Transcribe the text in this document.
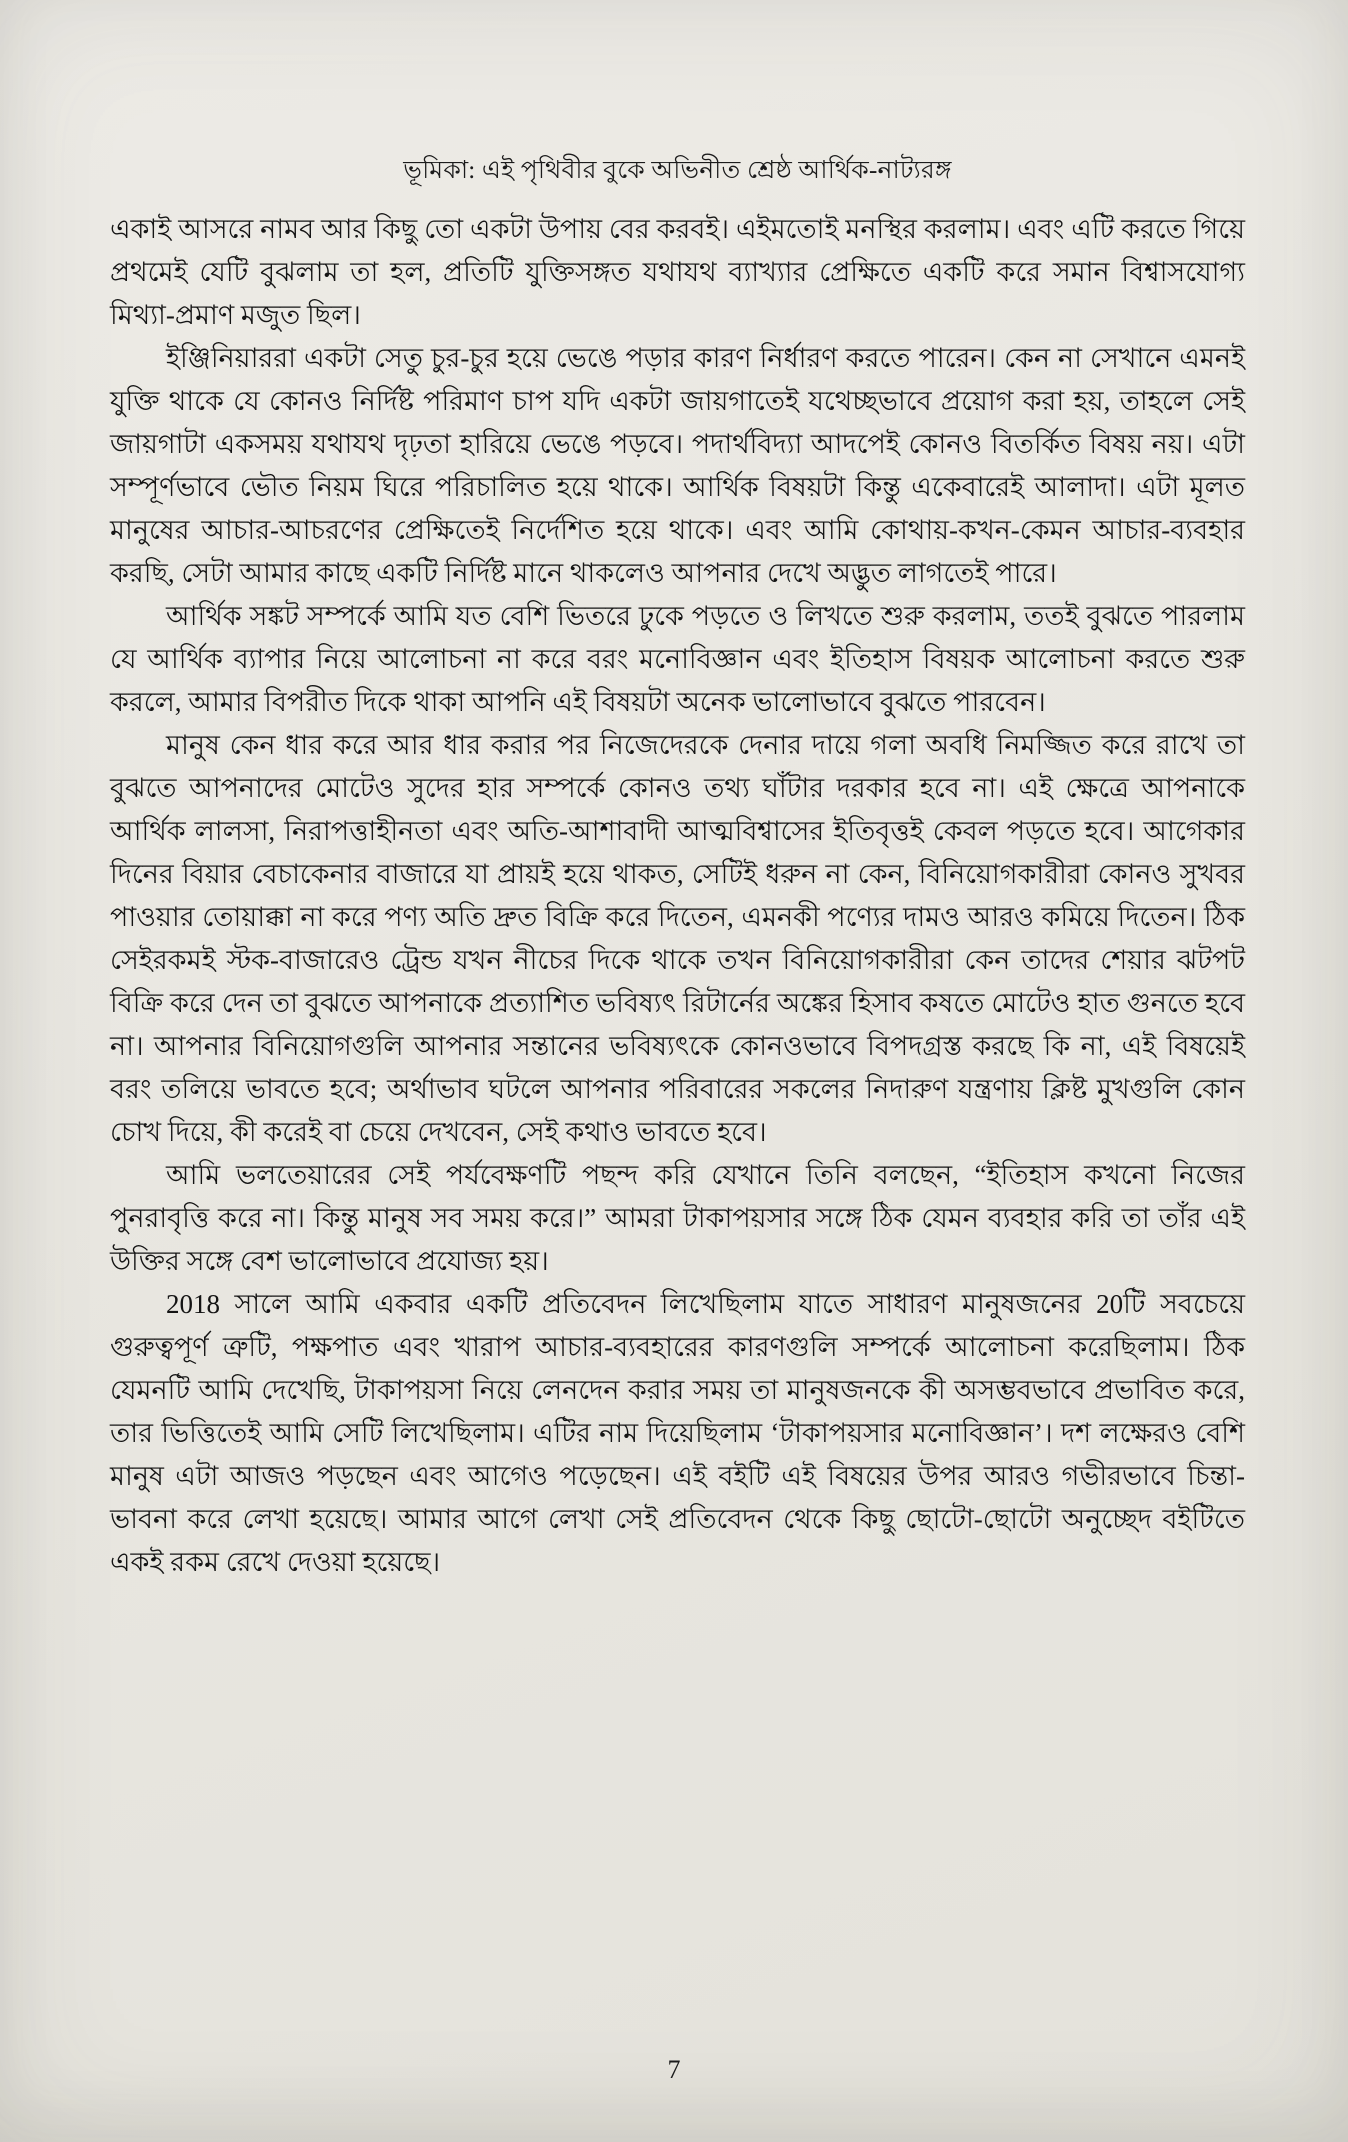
ভূমিকা: এই পৃথিবীর বুকে অভিনীত শ্রেষ্ঠ আর্থিক-নাট্যরঙ্গ

একাই আসরে নামব আর কিছু তো একটা উপায় বের করবই। এইমতোই মনস্থির করলাম। এবং এটি করতে গিয়ে প্রথমেই যেটি বুঝলাম তা হল, প্রতিটি যুক্তিসঙ্গত যথাযথ ব্যাখ্যার প্রেক্ষিতে একটি করে সমান বিশ্বাসযোগ্য মিথ্যা-প্রমাণ মজুত ছিল।

ইঞ্জিনিয়াররা একটা সেতু চুর-চুর হয়ে ভেঙে পড়ার কারণ নির্ধারণ করতে পারেন। কেন না সেখানে এমনই যুক্তি থাকে যে কোনও নির্দিষ্ট পরিমাণ চাপ যদি একটা জায়গাতেই যথেচ্ছভাবে প্রয়োগ করা হয়, তাহলে সেই জায়গাটা একসময় যথাযথ দৃঢ়তা হারিয়ে ভেঙে পড়বে। পদার্থবিদ্যা আদপেই কোনও বিতর্কিত বিষয় নয়। এটা সম্পূর্ণভাবে ভৌত নিয়ম ঘিরে পরিচালিত হয়ে থাকে। আর্থিক বিষয়টা কিন্তু একেবারেই আলাদা। এটা মূলত মানুষের আচার-আচরণের প্রেক্ষিতেই নির্দেশিত হয়ে থাকে। এবং আমি কোথায়-কখন-কেমন আচার-ব্যবহার করছি, সেটা আমার কাছে একটি নির্দিষ্ট মানে থাকলেও আপনার দেখে অদ্ভুত লাগতেই পারে।

আর্থিক সঙ্কট সম্পর্কে আমি যত বেশি ভিতরে ঢুকে পড়তে ও লিখতে শুরু করলাম, ততই বুঝতে পারলাম যে আর্থিক ব্যাপার নিয়ে আলোচনা না করে বরং মনোবিজ্ঞান এবং ইতিহাস বিষয়ক আলোচনা করতে শুরু করলে, আমার বিপরীত দিকে থাকা আপনি এই বিষয়টা অনেক ভালোভাবে বুঝতে পারবেন।

মানুষ কেন ধার করে আর ধার করার পর নিজেদেরকে দেনার দায়ে গলা অবধি নিমজ্জিত করে রাখে তা বুঝতে আপনাদের মোটেও সুদের হার সম্পর্কে কোনও তথ্য ঘাঁটার দরকার হবে না। এই ক্ষেত্রে আপনাকে আর্থিক লালসা, নিরাপত্তাহীনতা এবং অতি-আশাবাদী আত্মবিশ্বাসের ইতিবৃত্তই কেবল পড়তে হবে। আগেকার দিনের বিয়ার বেচাকেনার বাজারে যা প্রায়ই হয়ে থাকত, সেটিই ধরুন না কেন, বিনিয়োগকারীরা কোনও সুখবর পাওয়ার তোয়াক্কা না করে পণ্য অতি দ্রুত বিক্রি করে দিতেন, এমনকী পণ্যের দামও আরও কমিয়ে দিতেন। ঠিক সেইরকমই স্টক-বাজারেও ট্রেন্ড যখন নীচের দিকে থাকে তখন বিনিয়োগকারীরা কেন তাদের শেয়ার ঝটপট বিক্রি করে দেন তা বুঝতে আপনাকে প্রত্যাশিত ভবিষ্যৎ রিটার্নের অঙ্কের হিসাব কষতে মোটেও হাত গুনতে হবে না। আপনার বিনিয়োগগুলি আপনার সন্তানের ভবিষ্যৎকে কোনওভাবে বিপদগ্রস্ত করছে কি না, এই বিষয়েই বরং তলিয়ে ভাবতে হবে; অর্থাভাব ঘটলে আপনার পরিবারের সকলের নিদারুণ যন্ত্রণায় ক্লিষ্ট মুখগুলি কোন চোখ দিয়ে, কী করেই বা চেয়ে দেখবেন, সেই কথাও ভাবতে হবে।

আমি ভলতেয়ারের সেই পর্যবেক্ষণটি পছন্দ করি যেখানে তিনি বলছেন, “ইতিহাস কখনো নিজের পুনরাবৃত্তি করে না। কিন্তু মানুষ সব সময় করে।” আমরা টাকাপয়সার সঙ্গে ঠিক যেমন ব্যবহার করি তা তাঁর এই উক্তির সঙ্গে বেশ ভালোভাবে প্রযোজ্য হয়।

2018 সালে আমি একবার একটি প্রতিবেদন লিখেছিলাম যাতে সাধারণ মানুষজনের 20টি সবচেয়ে গুরুত্বপূর্ণ ত্রুটি, পক্ষপাত এবং খারাপ আচার-ব্যবহারের কারণগুলি সম্পর্কে আলোচনা করেছিলাম। ঠিক যেমনটি আমি দেখেছি, টাকাপয়সা নিয়ে লেনদেন করার সময় তা মানুষজনকে কী অসম্ভবভাবে প্রভাবিত করে, তার ভিত্তিতেই আমি সেটি লিখেছিলাম। এটির নাম দিয়েছিলাম ‘টাকাপয়সার মনোবিজ্ঞান’। দশ লক্ষেরও বেশি মানুষ এটা আজও পড়ছেন এবং আগেও পড়েছেন। এই বইটি এই বিষয়ের উপর আরও গভীরভাবে চিন্তা-ভাবনা করে লেখা হয়েছে। আমার আগে লেখা সেই প্রতিবেদন থেকে কিছু ছোটো-ছোটো অনুচ্ছেদ বইটিতে একই রকম রেখে দেওয়া হয়েছে।

7
